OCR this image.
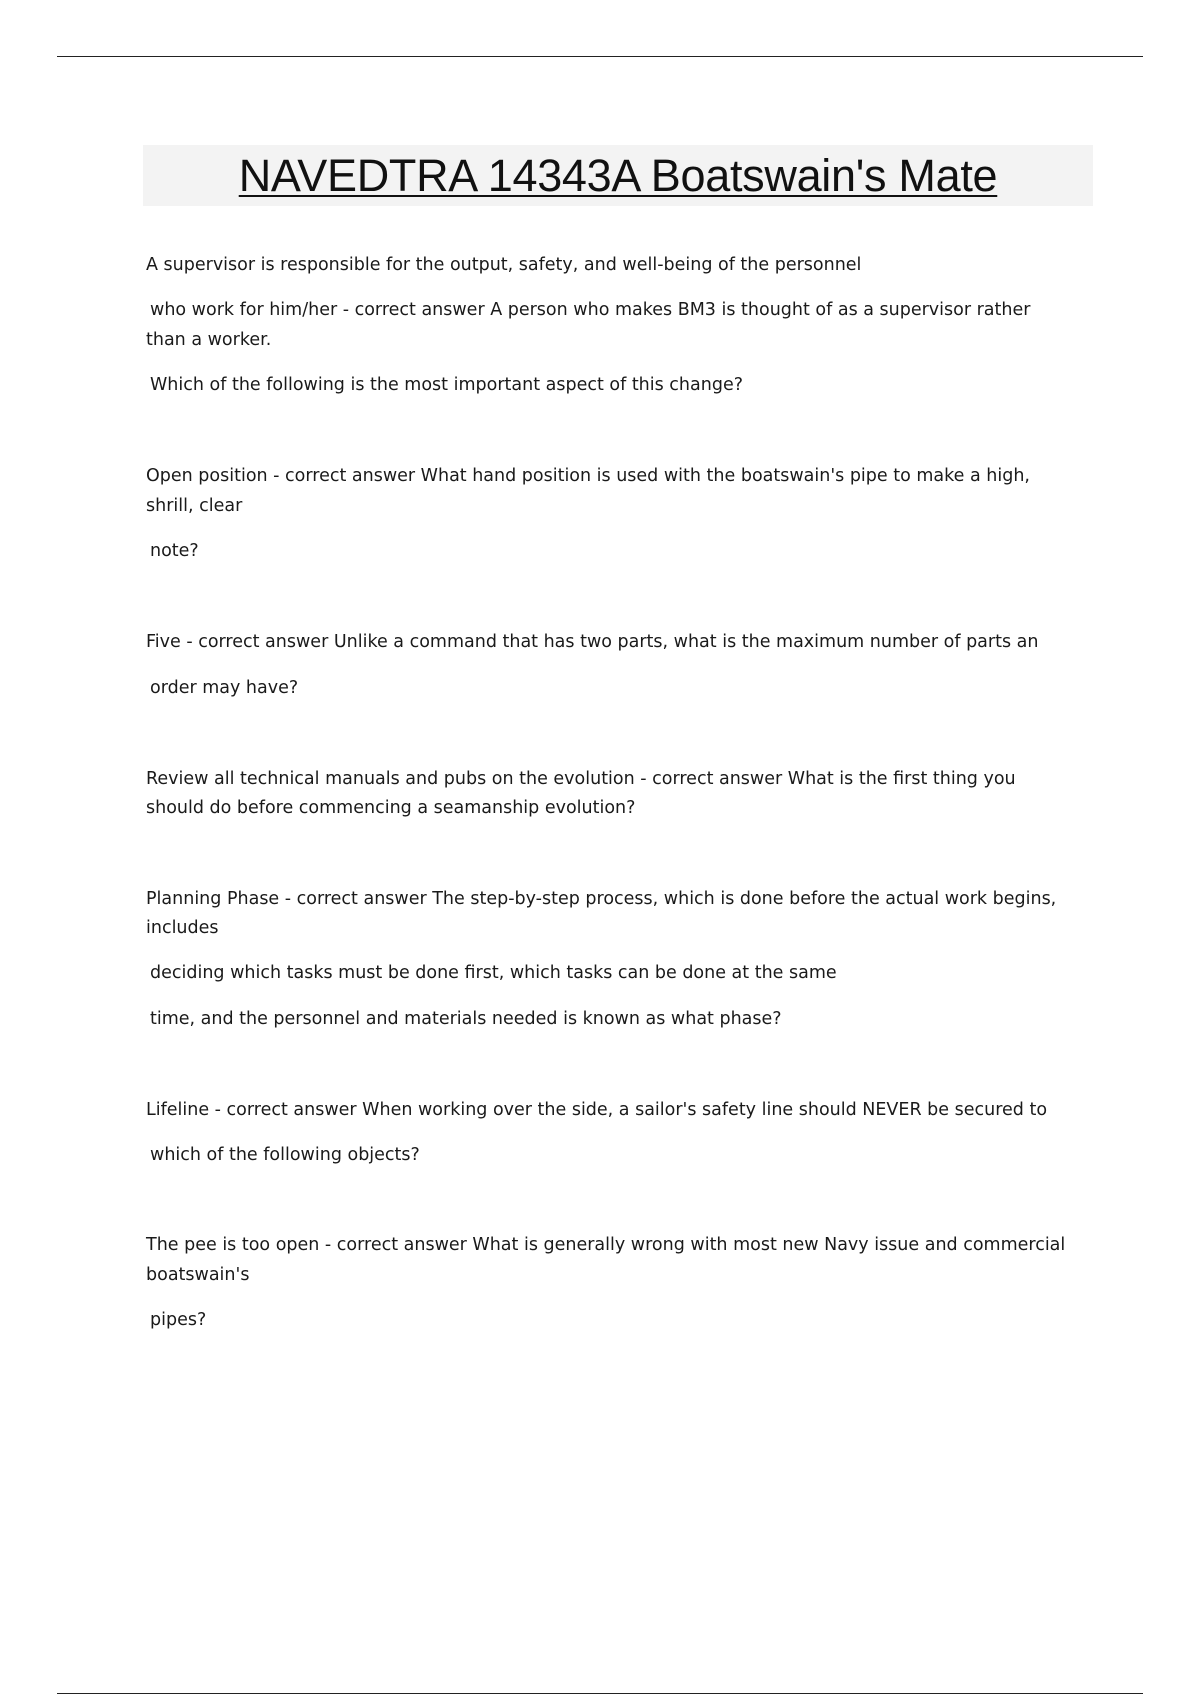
NAVEDTRA 14343A Boatswain's Mate
A supervisor is responsible for the output, safety, and well-being of the personnel
who work for him/her - correct answer A person who makes BM3 is thought of as a supervisor rather
than a worker.
Which of the following is the most important aspect of this change?
Open position - correct answer What hand position is used with the boatswain's pipe to make a high,
shrill, clear
note?
Five - correct answer Unlike a command that has two parts, what is the maximum number of parts an
order may have?
Review all technical manuals and pubs on the evolution - correct answer What is the first thing you
should do before commencing a seamanship evolution?
Planning Phase - correct answer The step-by-step process, which is done before the actual work begins,
includes
deciding which tasks must be done first, which tasks can be done at the same
time, and the personnel and materials needed is known as what phase?
Lifeline - correct answer When working over the side, a sailor's safety line should NEVER be secured to
which of the following objects?
The pee is too open - correct answer What is generally wrong with most new Navy issue and commercial
boatswain's
pipes?
